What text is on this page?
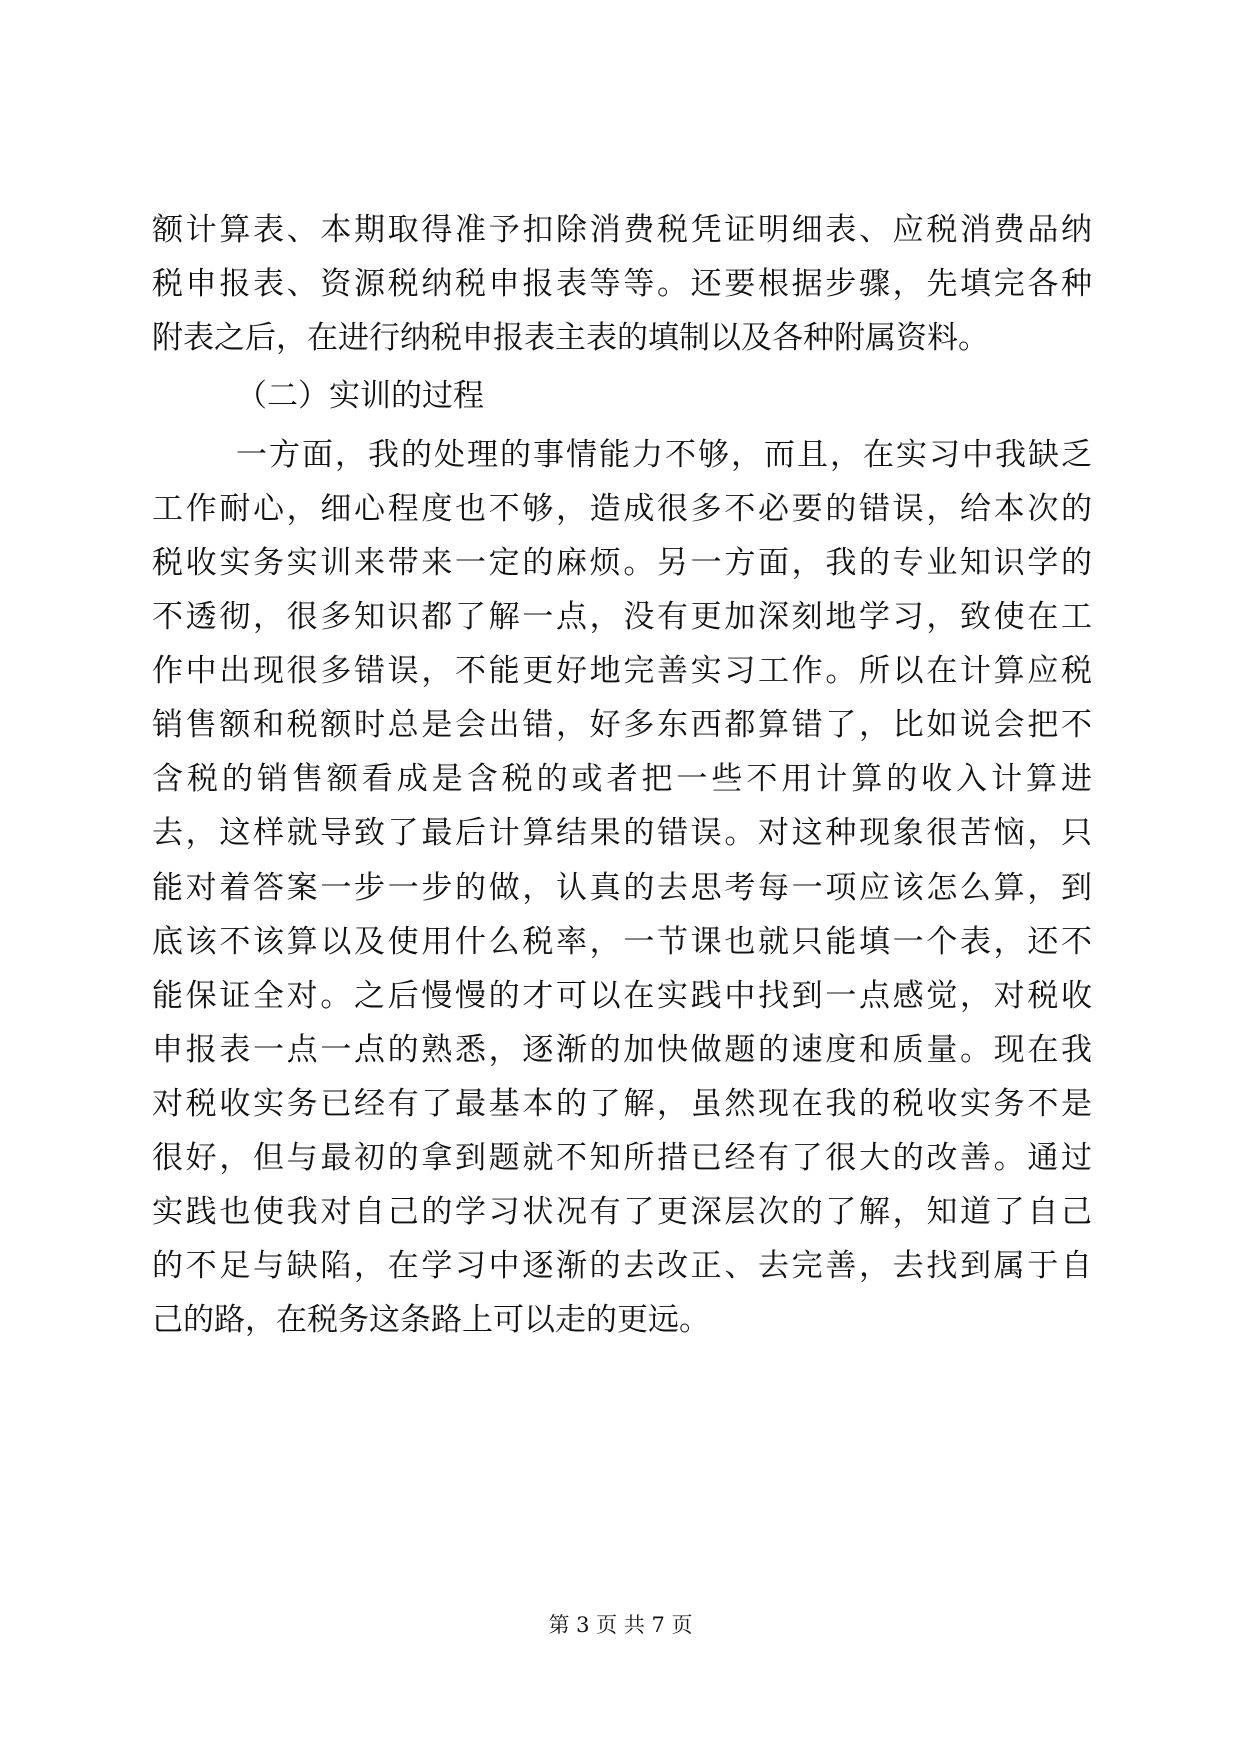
额计算表、本期取得准予扣除消费税凭证明细表、应税消费品纳
税申报表、资源税纳税申报表等等。还要根据步骤，先填完各种
附表之后，在进行纳税申报表主表的填制以及各种附属资料。
（二）实训的过程
一方面，我的处理的事情能力不够，而且，在实习中我缺乏
工作耐心，细心程度也不够，造成很多不必要的错误，给本次的
税收实务实训来带来一定的麻烦。另一方面，我的专业知识学的
不透彻，很多知识都了解一点，没有更加深刻地学习，致使在工
作中出现很多错误，不能更好地完善实习工作。所以在计算应税
销售额和税额时总是会出错，好多东西都算错了，比如说会把不
含税的销售额看成是含税的或者把一些不用计算的收入计算进
去，这样就导致了最后计算结果的错误。对这种现象很苦恼，只
能对着答案一步一步的做，认真的去思考每一项应该怎么算，到
底该不该算以及使用什么税率，一节课也就只能填一个表，还不
能保证全对。之后慢慢的才可以在实践中找到一点感觉，对税收
申报表一点一点的熟悉，逐渐的加快做题的速度和质量。现在我
对税收实务已经有了最基本的了解，虽然现在我的税收实务不是
很好，但与最初的拿到题就不知所措已经有了很大的改善。通过
实践也使我对自己的学习状况有了更深层次的了解，知道了自己
的不足与缺陷，在学习中逐渐的去改正、去完善，去找到属于自
己的路，在税务这条路上可以走的更远。
第 3 页 共 7 页
